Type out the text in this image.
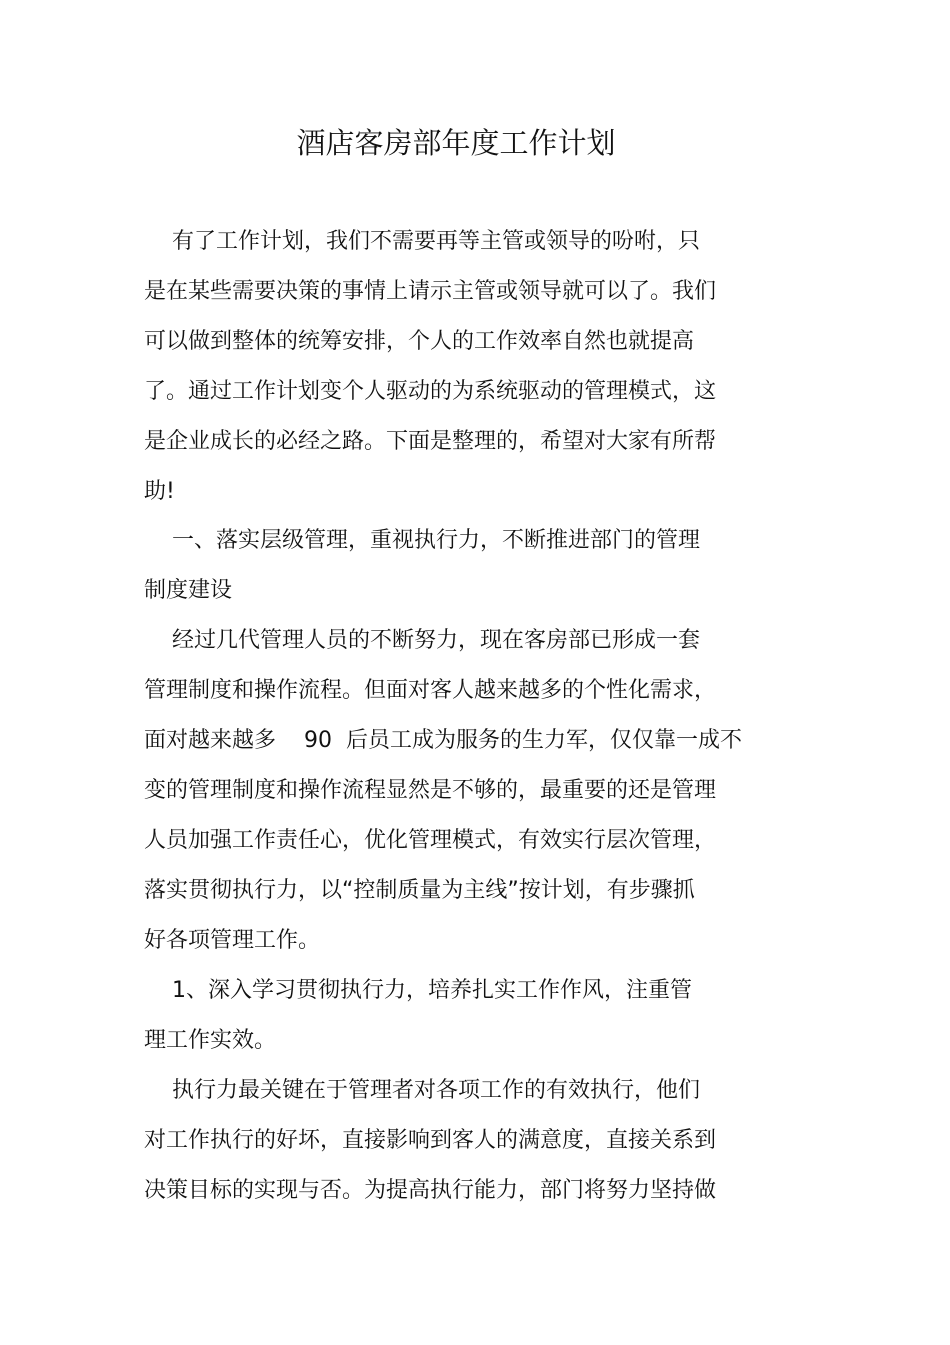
酒店客房部年度工作计划
有了工作计划，我们不需要再等主管或领导的吩咐，只
是在某些需要决策的事情上请示主管或领导就可以了。我们
可以做到整体的统筹安排，个人的工作效率自然也就提高
了。通过工作计划变个人驱动的为系统驱动的管理模式，这
是企业成长的必经之路。下面是整理的，希望对大家有所帮
助!
一、落实层级管理，重视执行力，不断推进部门的管理
制度建设
经过几代管理人员的不断努力，现在客房部已形成一套
管理制度和操作流程。但面对客人越来越多的个性化需求，
面对越来越多    90  后员工成为服务的生力军，仅仅靠一成不
变的管理制度和操作流程显然是不够的，最重要的还是管理
人员加强工作责任心，优化管理模式，有效实行层次管理，
落实贯彻执行力，以“控制质量为主线”按计划，有步骤抓
好各项管理工作。
1、深入学习贯彻执行力，培养扎实工作作风，注重管
理工作实效。
执行力最关键在于管理者对各项工作的有效执行，他们
对工作执行的好坏，直接影响到客人的满意度，直接关系到
决策目标的实现与否。为提高执行能力，部门将努力坚持做
